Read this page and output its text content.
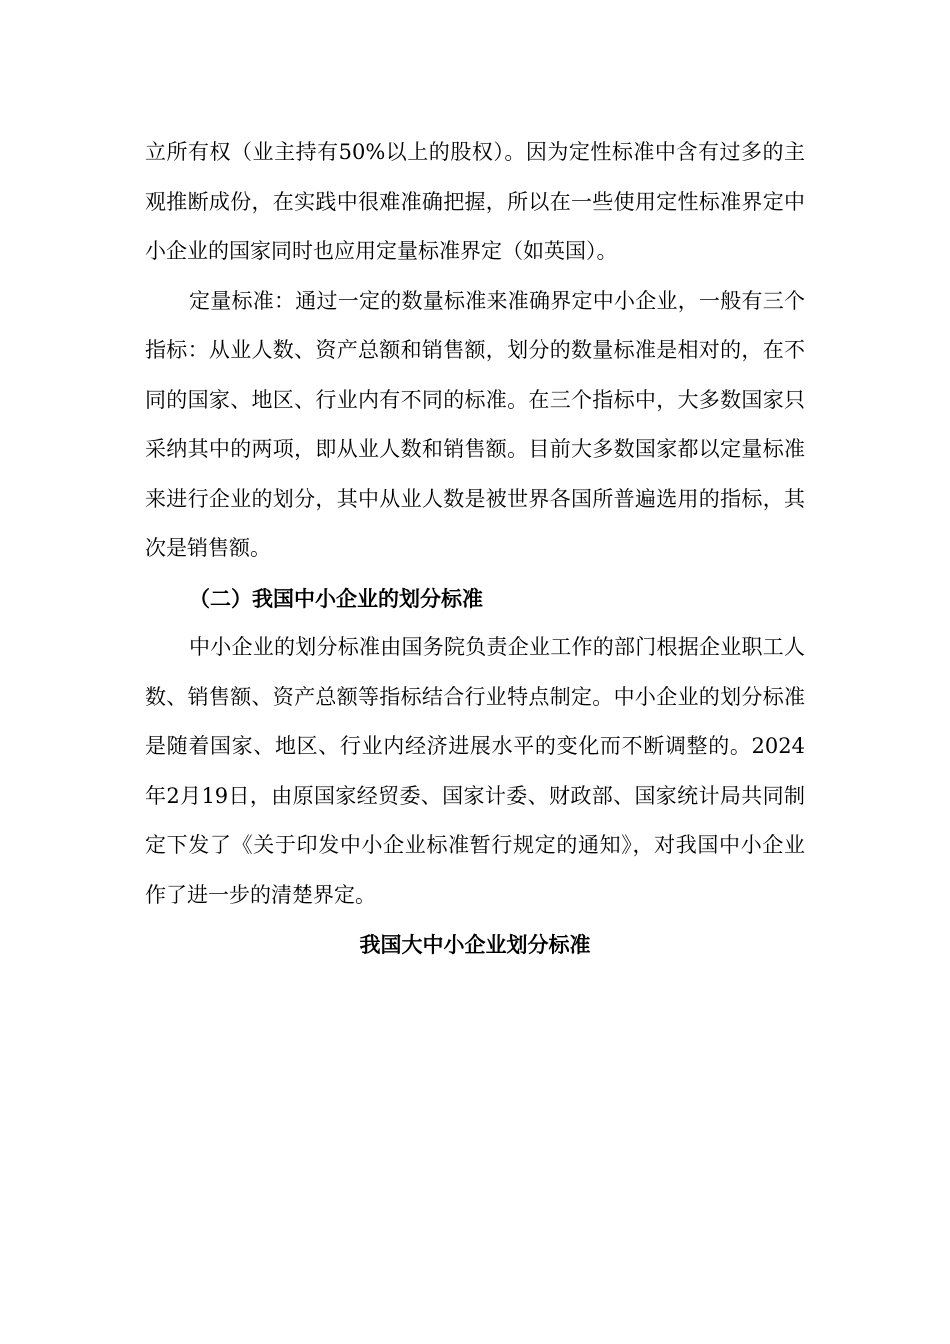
立所有权（业主持有50%以上的股权）。因为定性标准中含有过多的主观推断成份，在实践中很难准确把握，所以在一些使用定性标准界定中小企业的国家同时也应用定量标准界定（如英国）。

定量标准：通过一定的数量标准来准确界定中小企业，一般有三个指标：从业人数、资产总额和销售额，划分的数量标准是相对的，在不同的国家、地区、行业内有不同的标准。在三个指标中，大多数国家只采纳其中的两项，即从业人数和销售额。目前大多数国家都以定量标准来进行企业的划分，其中从业人数是被世界各国所普遍选用的指标，其次是销售额。

（二）我国中小企业的划分标准

中小企业的划分标准由国务院负责企业工作的部门根据企业职工人数、销售额、资产总额等指标结合行业特点制定。中小企业的划分标准是随着国家、地区、行业内经济进展水平的变化而不断调整的。2024年2月19日，由原国家经贸委、国家计委、财政部、国家统计局共同制定下发了《关于印发中小企业标准暂行规定的通知》，对我国中小企业作了进一步的清楚界定。

我国大中小企业划分标准
